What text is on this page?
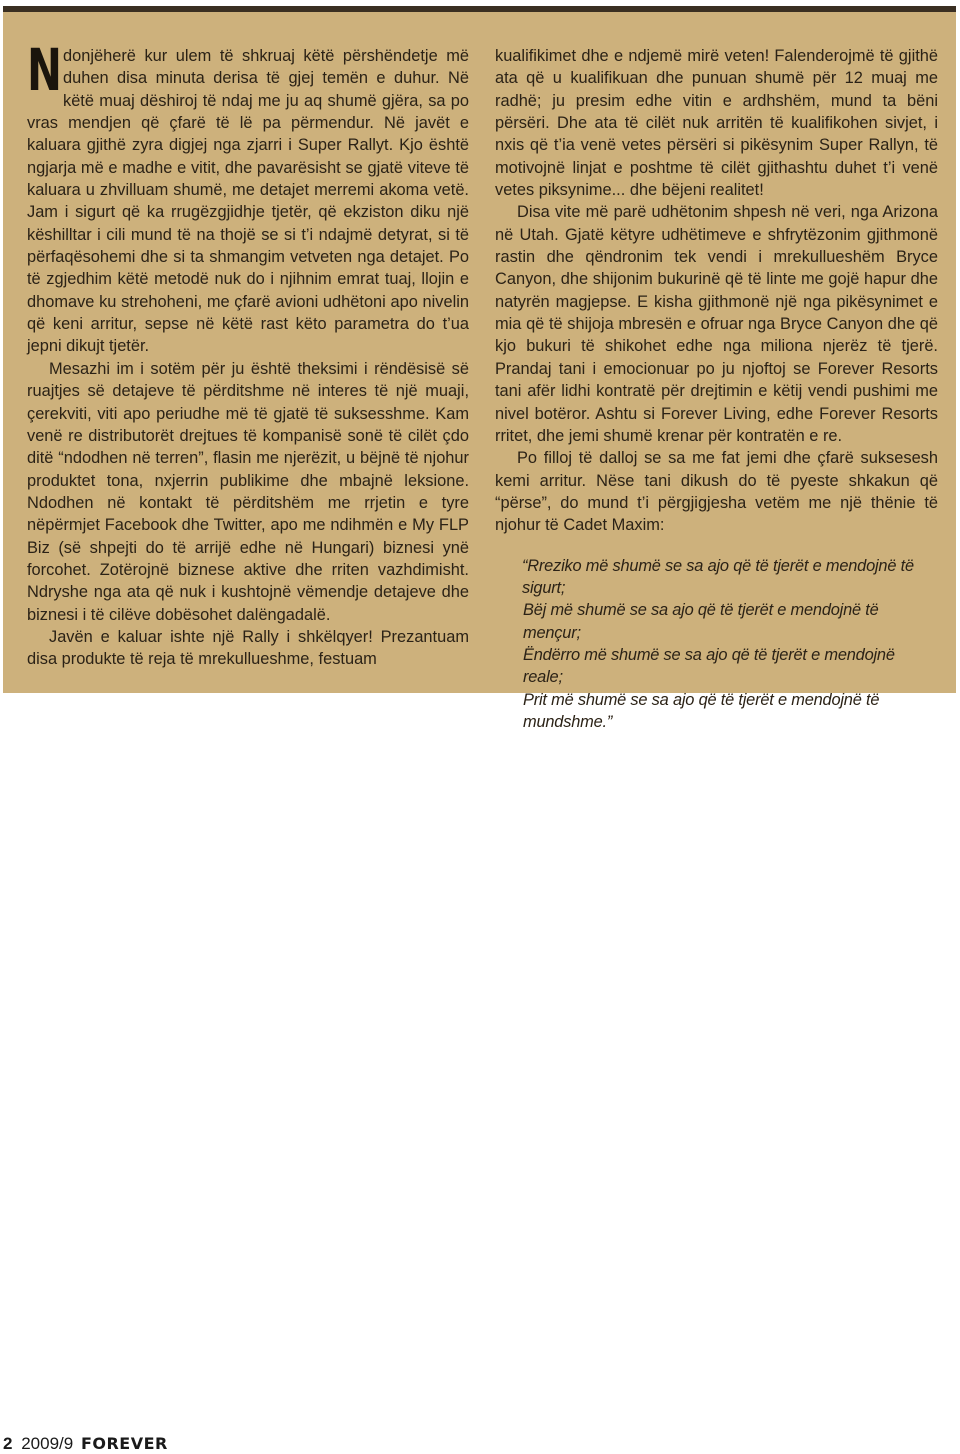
Ndonjëherë kur ulem të shkruaj këtë përshëndetje më duhen disa minuta derisa të gjej temën e duhur. Në këtë muaj dëshiroj të ndaj me ju aq shumë gjëra, sa po vras mendjen që çfarë të lë pa përmendur. Në javët e kaluara gjithë zyra digjej nga zjarri i Super Rallyt. Kjo është ngjarja më e madhe e vitit, dhe pavarësisht se gjatë viteve të kaluara u zhvilluam shumë, me detajet merremi akoma vetë. Jam i sigurt që ka rrugëzgjidhje tjetër, që ekziston diku një këshilltar i cili mund të na thojë se si t’i ndajmë detyrat, si të përfaqësohemi dhe si ta shmangim vetveten nga detajet. Po të zgjedhim këtë metodë nuk do i njihnim emrat tuaj, llojin e dhomave ku strehoheni, me çfarë avioni udhëtoni apo nivelin që keni arritur, sepse në këtë rast këto parametra do t’ua jepni dikujt tjetër.

Mesazhi im i sotëm për ju është theksimi i rëndësisë së ruajtjes së detajeve të përditshme në interes të një muaji, çerekviti, viti apo periudhe më të gjatë të suksesshme. Kam venë re distributorët drejtues të kompanisë sonë të cilët çdo ditë “ndodhen në terren”, flasin me njerëzit, u bëjnë të njohur produktet tona, nxjerrin publikime dhe mbajnë leksione. Ndodhen në kontakt të përditshëm me rrjetin e tyre nëpërmjet Facebook dhe Twitter, apo me ndihmën e My FLP Biz (së shpejti do të arrijë edhe në Hungari) biznesi ynë forcohet. Zotërojnë biznese aktive dhe rriten vazhdimisht. Ndryshe nga ata që nuk i kushtojnë vëmendje detajeve dhe biznesi i të cilëve dobësohet dalëngadalë.

Javën e kaluar ishte një Rally i shkëlqyer! Prezantuam disa produkte të reja të mrekullueshme, festuam

kualifikimet dhe e ndjemë mirë veten! Falenderojmë të gjithë ata që u kualifikuan dhe punuan shumë për 12 muaj me radhë; ju presim edhe vitin e ardhshëm, mund ta bëni përsëri. Dhe ata të cilët nuk arritën të kualifikohen sivjet, i nxis që t’ia venë vetes përsëri si pikësynim Super Rallyn, të motivojnë linjat e poshtme të cilët gjithashtu duhet t’i venë vetes piksynime... dhe bëjeni realitet!

Disa vite më parë udhëtonim shpesh në veri, nga Arizona në Utah. Gjatë këtyre udhëtimeve e shfrytëzonim gjithmonë rastin dhe qëndronim tek vendi i mrekullueshëm Bryce Canyon, dhe shijonim bukurinë që të linte me gojë hapur dhe natyrën magjepse. E kisha gjithmonë një nga pikësynimet e mia që të shijoja mbresën e ofruar nga Bryce Canyon dhe që kjo bukuri të shikohet edhe nga miliona njerëz të tjerë. Prandaj tani i emocionuar po ju njoftoj se Forever Resorts tani afër lidhi kontratë për drejtimin e këtij vendi pushimi me nivel botëror. Ashtu si Forever Living, edhe Forever Resorts rritet, dhe jemi shumë krenar për kontratën e re.

Po filloj të dalloj se sa me fat jemi dhe çfarë suksesesh kemi arritur. Nëse tani dikush do të pyeste shkakun që “përse”, do mund t’i përgjigjesha vetëm me një thënie të njohur të Cadet Maxim:

“Rreziko më shumë se sa ajo që të tjerët e mendojnë të sigurt;
Bëj më shumë se sa ajo që të tjerët e mendojnë të mençur;
Ëndërro më shumë se sa ajo që të tjerët e mendojnë reale;
Prit më shumë se sa ajo që të tjerët e mendojnë të
mundshme.”

2 2009/9 FOREVER
